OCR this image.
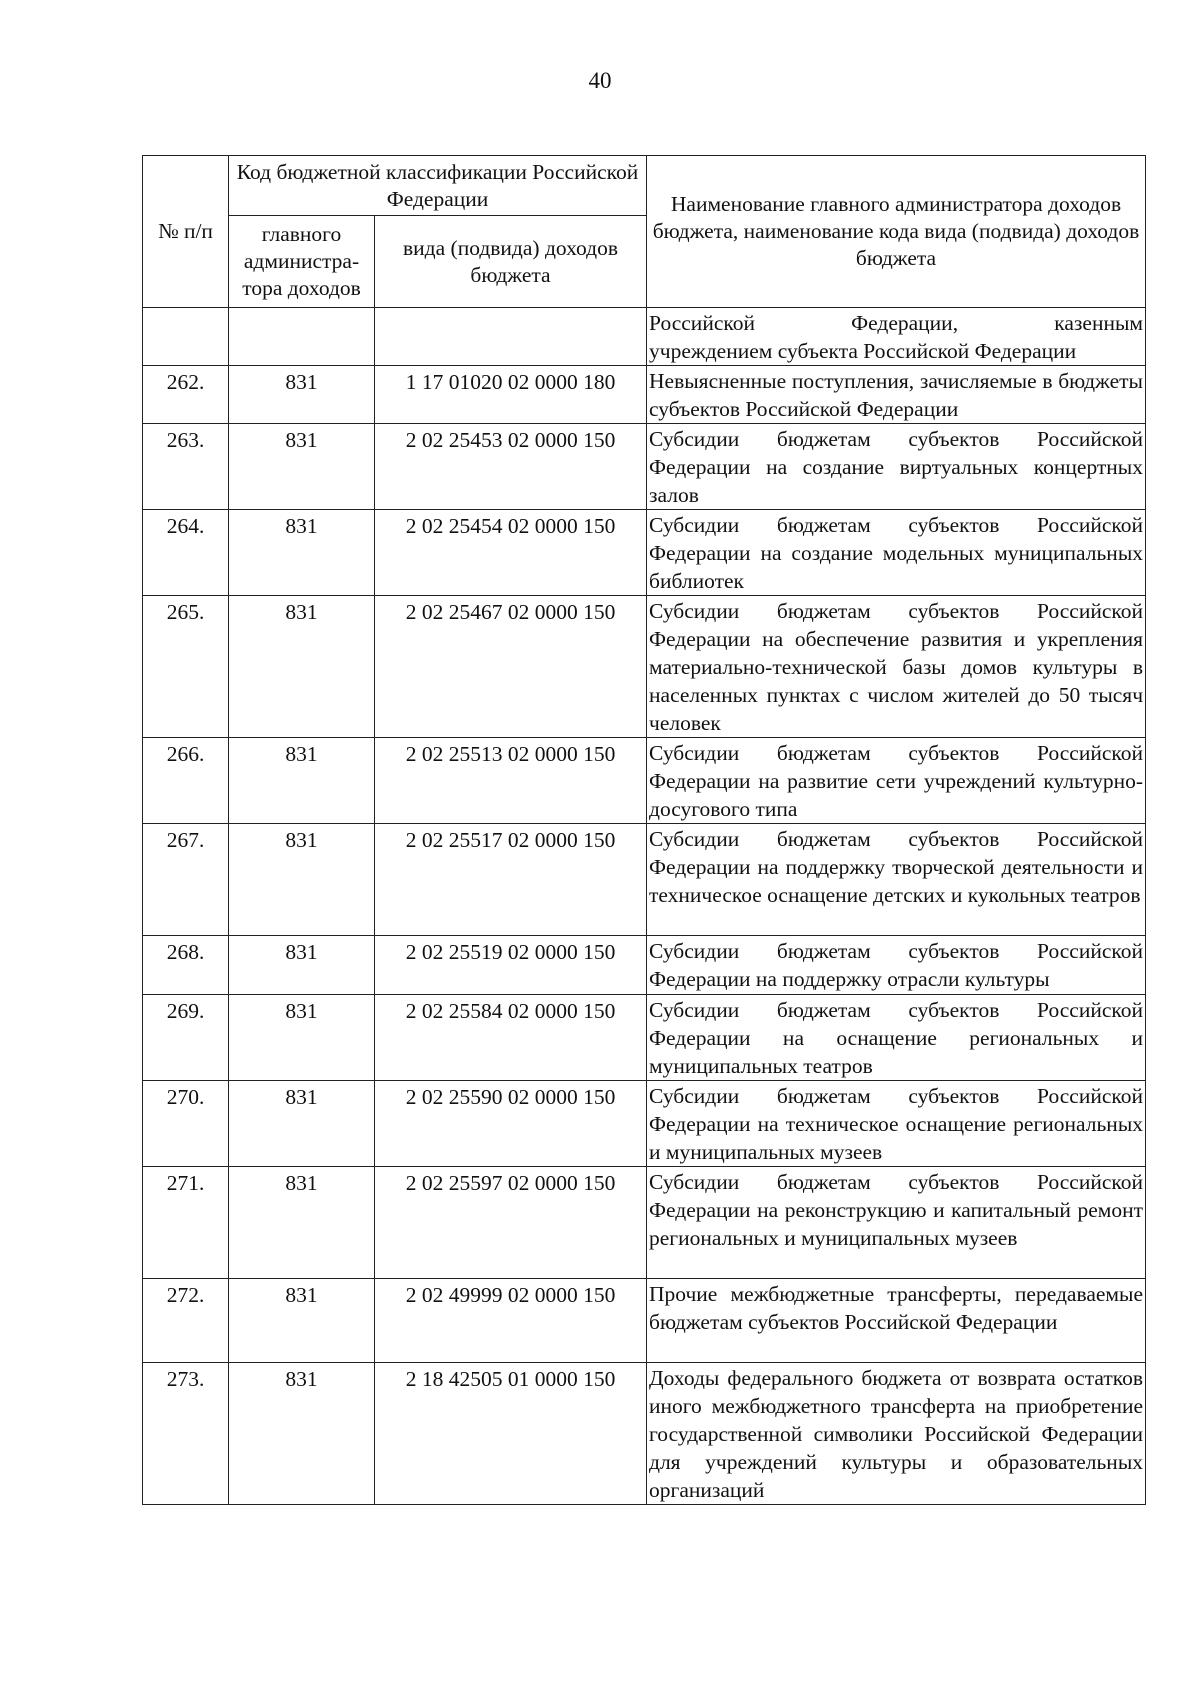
40
№ п/п	Код бюджетной классификации Российской Федерации		Наименование главного администратора доходов бюджета, наименование кода вида (подвида) доходов бюджета
	главного администра-тора доходов	вида (подвида) доходов бюджета	

			Российской Федерации, казенным
учреждением субъекта Российской Федерации

262.	831	1 17 01020 02 0000 180	Невыясненные поступления, зачисляемые в бюджеты субъектов Российской Федерации
263.	831	2 02 25453 02 0000 150	Субсидии бюджетам субъектов Российской Федерации на создание виртуальных концертных залов
264.	831	2 02 25454 02 0000 150	Субсидии бюджетам субъектов Российской Федерации на создание модельных муниципальных библиотек
265.	831	2 02 25467 02 0000 150	Субсидии бюджетам субъектов Российской Федерации на обеспечение развития и укрепления материально-технической базы домов культуры в населенных пунктах с числом жителей до 50 тысяч человек
266.	831	2 02 25513 02 0000 150	Субсидии бюджетам субъектов Российской Федерации на развитие сети учреждений культурно-досугового типа
267.	831	2 02 25517 02 0000 150	Субсидии бюджетам субъектов Российской Федерации на поддержку творческой деятельности и техническое оснащение детских и кукольных театров
268.	831	2 02 25519 02 0000 150	Субсидии бюджетам субъектов Российской Федерации на поддержку отрасли культуры
269.	831	2 02 25584 02 0000 150	Субсидии бюджетам субъектов Российской Федерации на оснащение региональных и муниципальных театров
270.	831	2 02 25590 02 0000 150	Субсидии бюджетам субъектов Российской Федерации на техническое оснащение региональных и муниципальных музеев
271.	831	2 02 25597 02 0000 150	Субсидии бюджетам субъектов Российской Федерации на реконструкцию и капитальный ремонт региональных и муниципальных музеев
272.	831	2 02 49999 02 0000 150	Прочие межбюджетные трансферты, передаваемые бюджетам субъектов Российской Федерации
273.	831	2 18 42505 01 0000 150	Доходы федерального бюджета от возврата остатков иного межбюджетного трансферта на приобретение государственной символики Российской Федерации для учреждений культуры и образовательных организаций
